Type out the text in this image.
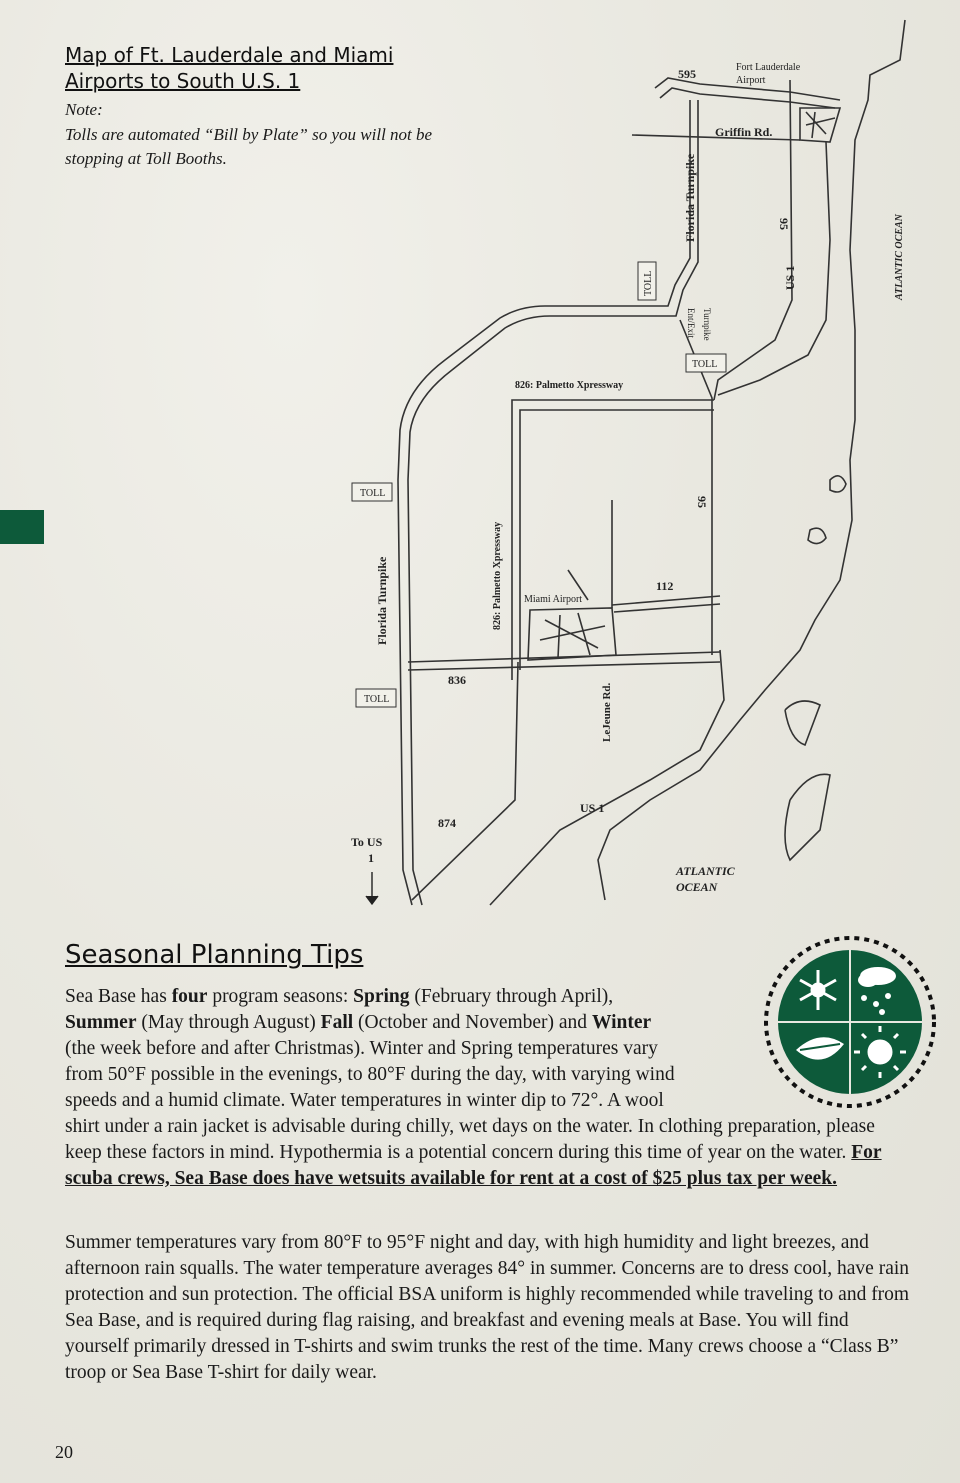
Map of Ft. Lauderdale and Miami Airports to South U.S. 1
Note:
Tolls are automated “Bill by Plate” so you will not be stopping at Toll Booths.
TOLL
TOLL
TOLL
TOLL
595	Fort Lauderdale
Airport
Griffin Rd.
Florida Turnpike	95
US 1	ATLANTIC OCEAN
Turnpike
Ent/Exit
826: Palmetto Xpressway
826: Palmetto Xpressway
95
Florida Turnpike	Miami Airport
112
836
LeJeune Rd.
US 1
874
To US
1
ATLANTIC
OCEAN
Seasonal Planning Tips

Sea Base has four program seasons: Spring (February through April), Summer (May through August) Fall (October and November) and Winter (the week before and after Christmas). Winter and Spring temperatures vary from 50°F possible in the evenings, to 80°F during the day, with varying wind speeds and a humid climate. Water temperatures in winter dip to 72°. A wool shirt under a rain jacket is advisable during chilly, wet days on the water. In clothing preparation, please keep these factors in mind. Hypothermia is a potential concern during this time of year on the water. For scuba crews, Sea Base does have wetsuits available for rent at a cost of $25 plus tax per week.

Summer temperatures vary from 80°F to 95°F night and day, with high humidity and light breezes, and afternoon rain squalls. The water temperature averages 84° in summer. Concerns are to dress cool, have rain protection and sun protection. The official BSA uniform is highly recommended while traveling to and from Sea Base, and is required during flag raising, and breakfast and evening meals at Base. You will find yourself primarily dressed in T-shirts and swim trunks the rest of the time. Many crews choose a “Class B” troop or Sea Base T-shirt for daily wear.

20
